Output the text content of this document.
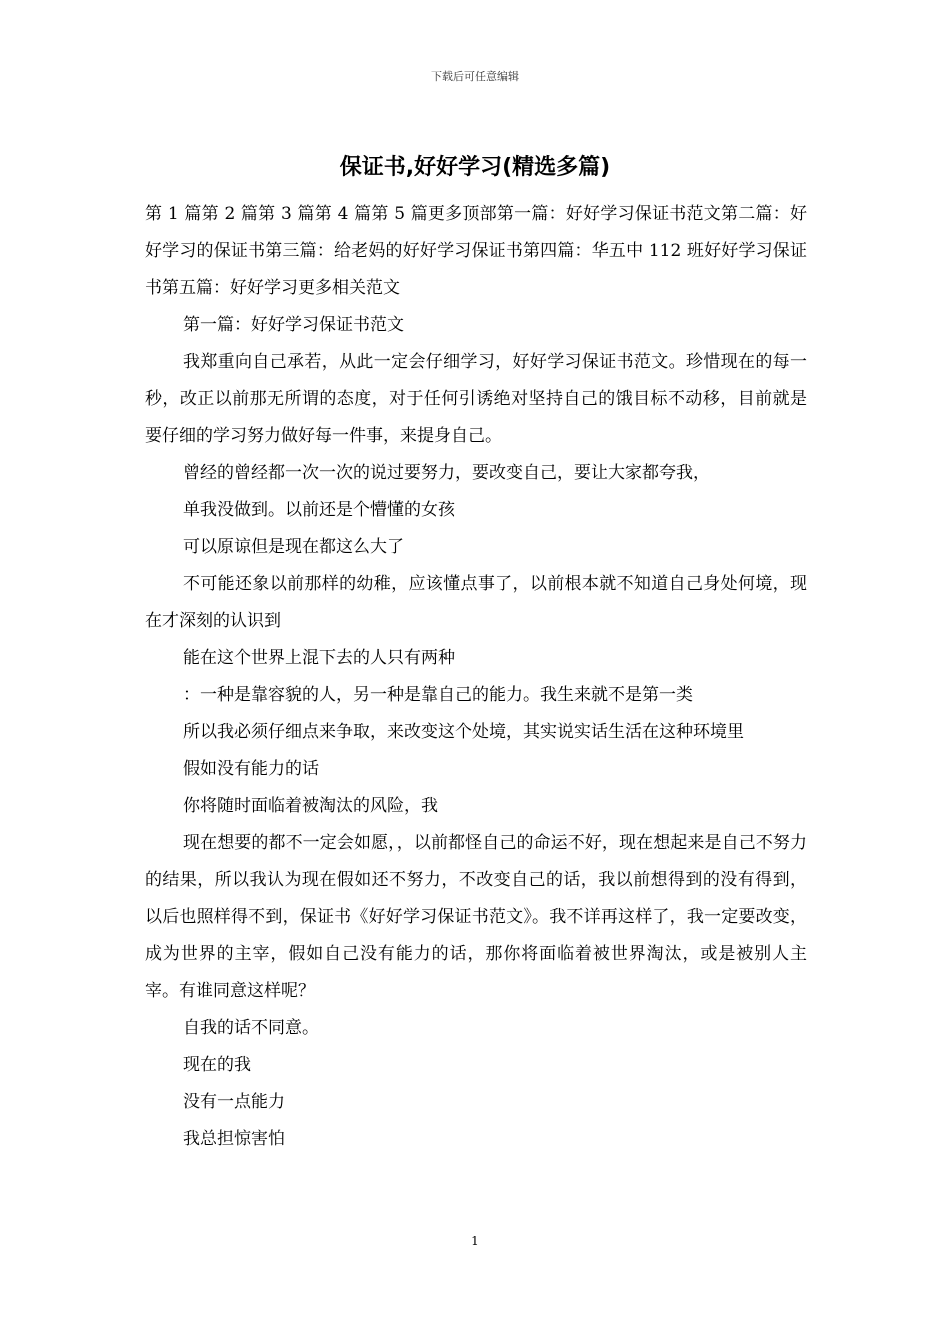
下载后可任意编辑
保证书,好好学习(精选多篇)

第 1 篇第 2 篇第 3 篇第 4 篇第 5 篇更多顶部第一篇：好好学习保证书范文第二篇：好好学习的保证书第三篇：给老妈的好好学习保证书第四篇：华五中 112 班好好学习保证书第五篇：好好学习更多相关范文

第一篇：好好学习保证书范文

我郑重向自己承若，从此一定会仔细学习，好好学习保证书范文。珍惜现在的每一秒，改正以前那无所谓的态度，对于任何引诱绝对坚持自己的饿目标不动移，目前就是要仔细的学习努力做好每一件事，来提身自己。

曾经的曾经都一次一次的说过要努力，要改变自己，要让大家都夸我，

单我没做到。以前还是个懵懂的女孩

可以原谅但是现在都这么大了

不可能还象以前那样的幼稚，应该懂点事了，以前根本就不知道自己身处何境，现在才深刻的认识到

能在这个世界上混下去的人只有两种

：一种是靠容貌的人，另一种是靠自己的能力。我生来就不是第一类

所以我必须仔细点来争取，来改变这个处境，其实说实话生活在这种环境里

假如没有能力的话

你将随时面临着被淘汰的风险，我

现在想要的都不一定会如愿，，以前都怪自己的命运不好，现在想起来是自己不努力的结果，所以我认为现在假如还不努力，不改变自己的话，我以前想得到的没有得到，以后也照样得不到，保证书《好好学习保证书范文》。我不详再这样了，我一定要改变，成为世界的主宰，假如自己没有能力的话，那你将面临着被世界淘汰，或是被别人主宰。有谁同意这样呢？

自我的话不同意。

现在的我

没有一点能力

我总担惊害怕

1
